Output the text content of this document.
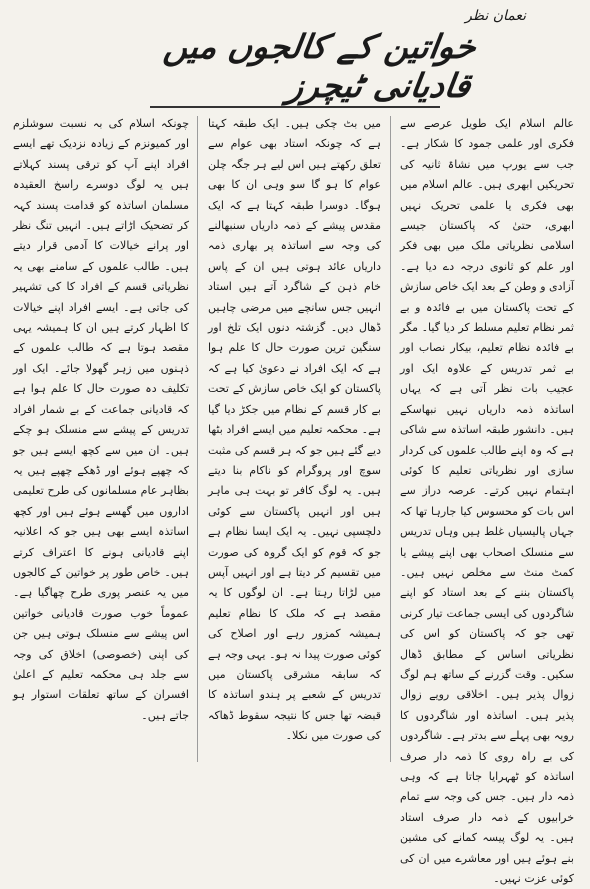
نعمان نظر
خواتین کے کالجوں میں قادیانی ٹیچرز

عالم اسلام ایک طویل عرصے سے فکری اور علمی جمود کا شکار ہے۔ جب سے یورپ میں نشاۃ ثانیہ کی تحریکیں ابھری ہیں۔ عالم اسلام میں بھی فکری یا علمی تحریک نہیں ابھری، حتیٰ کہ پاکستان جیسے اسلامی نظریاتی ملک میں بھی فکر اور علم کو ثانوی درجہ دے دیا ہے۔ آزادی و وطن کے بعد ایک خاص سازش کے تحت پاکستان میں بے فائدہ و بے ثمر نظام تعلیم مسلط کر دیا گیا۔ مگر بے فائدہ نظام تعلیم، بیکار نصاب اور بے ثمر تدریس کے علاوہ ایک اور عجیب بات نظر آتی ہے کہ یہاں اساتذہ ذمہ داریاں نہیں نبھاسکے ہیں۔ دانشور طبقہ اساتذہ سے شاکی ہے کہ وہ اپنے طالب علموں کی کردار سازی اور نظریاتی تعلیم کا کوئی اہتمام نہیں کرتے۔ عرصہ دراز سے اس بات کو محسوس کیا جارہا تھا کہ جہاں پالیسیاں غلط ہیں وہاں تدریس سے منسلک اصحاب بھی اپنے پیشے یا کمٹ منٹ سے مخلص نہیں ہیں۔ پاکستان بننے کے بعد استاد کو اپنے شاگردوں کی ایسی جماعت تیار کرنی تھی جو کہ پاکستان کو اس کی نظریاتی اساس کے مطابق ڈھال سکیں۔ وقت گزرنے کے ساتھ ہم لوگ زوال پذیر ہیں۔ اخلاقی رویے زوال پذیر ہیں۔ اساتذہ اور شاگردوں کا رویہ بھی پہلے سے بدتر ہے۔ شاگردوں کی بے راہ روی کا ذمہ دار صرف اساتذہ کو ٹھہرایا جاتا ہے کہ وہی ذمہ دار ہیں۔ جس کی وجہ سے تمام خرابیوں کے ذمہ دار صرف استاد ہیں۔ یہ لوگ پیسہ کمانے کی مشین بنے ہوئے ہیں اور معاشرے میں ان کی کوئی عزت نہیں۔

میں بٹ چکی ہیں۔ ایک طبقہ کہتا ہے کہ چونکہ استاد بھی عوام سے تعلق رکھتے ہیں اس لیے ہر جگہ چلن عوام کا ہو گا سو وہی ان کا بھی ہوگا۔ دوسرا طبقہ کہتا ہے کہ ایک مقدس پیشے کے ذمہ داریاں سنبھالنے کی وجہ سے اساتذہ پر بھاری ذمہ داریاں عائد ہوتی ہیں ان کے پاس خام ذہن کے شاگرد آتے ہیں استاد انہیں جس سانچے میں مرضی چاہیں ڈھال دیں۔ گزشتہ دنوں ایک تلخ اور سنگین ترین صورت حال کا علم ہوا ہے کہ ایک افراد نے دعویٰ کیا ہے کہ پاکستان کو ایک خاص سازش کے تحت بے کار قسم کے نظام میں جکڑ دیا گیا ہے۔ محکمہ تعلیم میں ایسے افراد بٹھا دیے گئے ہیں جو کہ ہر قسم کی مثبت سوچ اور پروگرام کو ناکام بنا دیتے ہیں۔ یہ لوگ کافر تو بہت ہی ماہر ہیں اور انہیں پاکستان سے کوئی دلچسپی نہیں۔ یہ ایک ایسا نظام ہے جو کہ قوم کو ایک گروہ کی صورت میں تقسیم کر دیتا ہے اور انہیں آپس میں لڑاتا رہتا ہے۔ ان لوگوں کا یہ مقصد ہے کہ ملک کا نظام تعلیم ہمیشہ کمزور رہے اور اصلاح کی کوئی صورت پیدا نہ ہو۔ یہی وجہ ہے کہ سابقہ مشرقی پاکستان میں تدریس کے شعبے پر ہندو اساتذہ کا قبضہ تھا جس کا نتیجہ سقوط ڈھاکہ کی صورت میں نکلا۔

چونکہ اسلام کی بہ نسبت سوشلزم اور کمیونزم کے زیادہ نزدیک تھے ایسے افراد اپنے آپ کو ترقی پسند کہلاتے ہیں یہ لوگ دوسرے راسخ العقیدہ مسلمان اساتذہ کو قدامت پسند کہہ کر تضحیک اڑاتے ہیں۔ انہیں تنگ نظر اور پرانے خیالات کا آدمی قرار دیتے ہیں۔ طالب علموں کے سامنے بھی یہ نظریاتی قسم کے افراد کا کی تشہیر کی جاتی ہے۔ ایسے افراد اپنے خیالات کا اظہار کرتے ہیں ان کا ہمیشہ یہی مقصد ہوتا ہے کہ طالب علموں کے ذہنوں میں زہر گھولا جائے۔ ایک اور تکلیف دہ صورت حال کا علم ہوا ہے کہ قادیانی جماعت کے بے شمار افراد تدریس کے پیشے سے منسلک ہو چکے ہیں۔ ان میں سے کچھ ایسے ہیں جو کہ چھپے ہوئے اور ڈھکے چھپے ہیں یہ بظاہر عام مسلمانوں کی طرح تعلیمی اداروں میں گھسے ہوئے ہیں اور کچھ اساتذہ ایسے بھی ہیں جو کہ اعلانیہ اپنے قادیانی ہونے کا اعتراف کرتے ہیں۔ خاص طور پر خواتین کے کالجوں میں یہ عنصر پوری طرح چھاگیا ہے۔ عموماً خوب صورت قادیانی خواتین اس پیشے سے منسلک ہوتی ہیں جن کی اپنی (خصوصی) اخلاق کی وجہ سے جلد ہی محکمہ تعلیم کے اعلیٰ افسران کے ساتھ تعلقات استوار ہو جاتے ہیں۔
